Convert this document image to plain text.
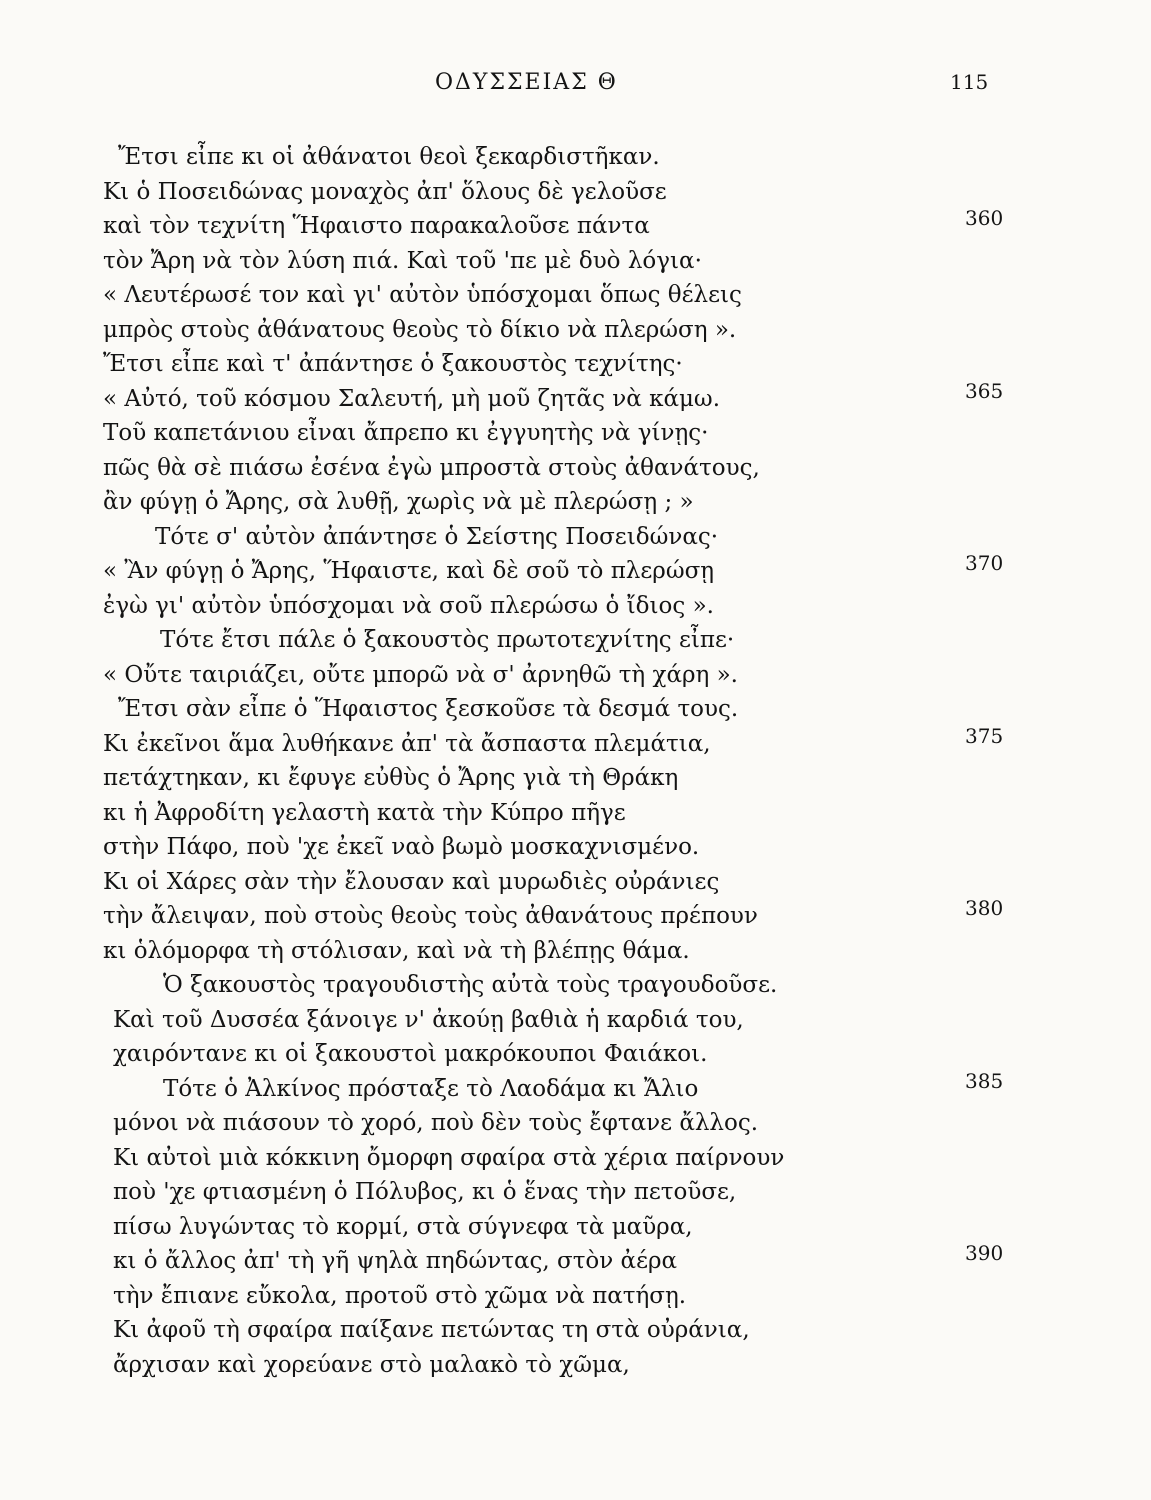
ΟΔΥΣΣΕΙΑΣ Θ	115
Ἔτσι εἶπε κι οἱ ἀθάνατοι θεοὶ ξεκαρδιστῆκαν.
Κι ὁ Ποσειδώνας μοναχὸς ἀπ' ὅλους δὲ γελοῦσε
καὶ τὸν τεχνίτη Ἥφαιστο παρακαλοῦσε πάντα	360
τὸν Ἄρη νὰ τὸν λύση πιά. Καὶ τοῦ 'πε μὲ δυὸ λόγια·
« Λευτέρωσέ τον καὶ γι' αὐτὸν ὑπόσχομαι ὅπως θέλεις
μπρὸς στοὺς ἀθάνατους θεοὺς τὸ δίκιο νὰ πλερώση ».
Ἔτσι εἶπε καὶ τ' ἀπάντησε ὁ ξακουστὸς τεχνίτης·
« Αὐτό, τοῦ κόσμου Σαλευτή, μὴ μοῦ ζητᾶς νὰ κάμω.	365
Τοῦ καπετάνιου εἶναι ἄπρεπο κι ἐγγυητὴς νὰ γίνῃς·
πῶς θὰ σὲ πιάσω ἐσένα ἐγὼ μπροστὰ στοὺς ἀθανάτους,
ἂν φύγῃ ὁ Ἄρης, σὰ λυθῇ, χωρὶς νὰ μὲ πλερώσῃ ; »
Τότε σ' αὐτὸν ἀπάντησε ὁ Σείστης Ποσειδώνας·
« Ἂν φύγῃ ὁ Ἄρης, Ἥφαιστε, καὶ δὲ σοῦ τὸ πλερώσῃ	370
ἐγὼ γι' αὐτὸν ὑπόσχομαι νὰ σοῦ πλερώσω ὁ ἴδιος ».
Τότε ἔτσι πάλε ὁ ξακουστὸς πρωτοτεχνίτης εἶπε·
« Οὔτε ταιριάζει, οὔτε μπορῶ νὰ σ' ἀρνηθῶ τὴ χάρη ».
Ἔτσι σὰν εἶπε ὁ Ἥφαιστος ξεσκοῦσε τὰ δεσμά τους.
Κι ἐκεῖνοι ἅμα λυθήκανε ἀπ' τὰ ἄσπαστα πλεμάτια,	375
πετάχτηκαν, κι ἔφυγε εὐθὺς ὁ Ἄρης γιὰ τὴ Θράκη
κι ἡ Ἀφροδίτη γελαστὴ κατὰ τὴν Κύπρο πῆγε
στὴν Πάφο, ποὺ 'χε ἐκεῖ ναὸ βωμὸ μοσκαχνισμένο.
Κι οἱ Χάρες σὰν τὴν ἔλουσαν καὶ μυρωδιὲς οὐράνιες
τὴν ἄλειψαν, ποὺ στοὺς θεοὺς τοὺς ἀθανάτους πρέπουν	380
κι ὁλόμορφα τὴ στόλισαν, καὶ νὰ τὴ βλέπῃς θάμα.
Ὁ ξακουστὸς τραγουδιστὴς αὐτὰ τοὺς τραγουδοῦσε.
Καὶ τοῦ Δυσσέα ξάνοιγε ν' ἀκούῃ βαθιὰ ἡ καρδιά του,
χαιρόντανε κι οἱ ξακουστοὶ μακρόκουποι Φαιάκοι.
Τότε ὁ Ἀλκίνος πρόσταξε τὸ Λαοδάμα κι Ἄλιο	385
μόνοι νὰ πιάσουν τὸ χορό, ποὺ δὲν τοὺς ἔφτανε ἄλλος.
Κι αὐτοὶ μιὰ κόκκινη ὄμορφη σφαίρα στὰ χέρια παίρνουν
ποὺ 'χε φτιασμένη ὁ Πόλυβος, κι ὁ ἕνας τὴν πετοῦσε,
πίσω λυγώντας τὸ κορμί, στὰ σύγνεφα τὰ μαῦρα,
κι ὁ ἄλλος ἀπ' τὴ γῆ ψηλὰ πηδώντας, στὸν ἀέρα	390
τὴν ἔπιανε εὔκολα, προτοῦ στὸ χῶμα νὰ πατήσῃ.
Κι ἀφοῦ τὴ σφαίρα παίξανε πετώντας τη στὰ οὐράνια,
ἄρχισαν καὶ χορεύανε στὸ μαλακὸ τὸ χῶμα,
